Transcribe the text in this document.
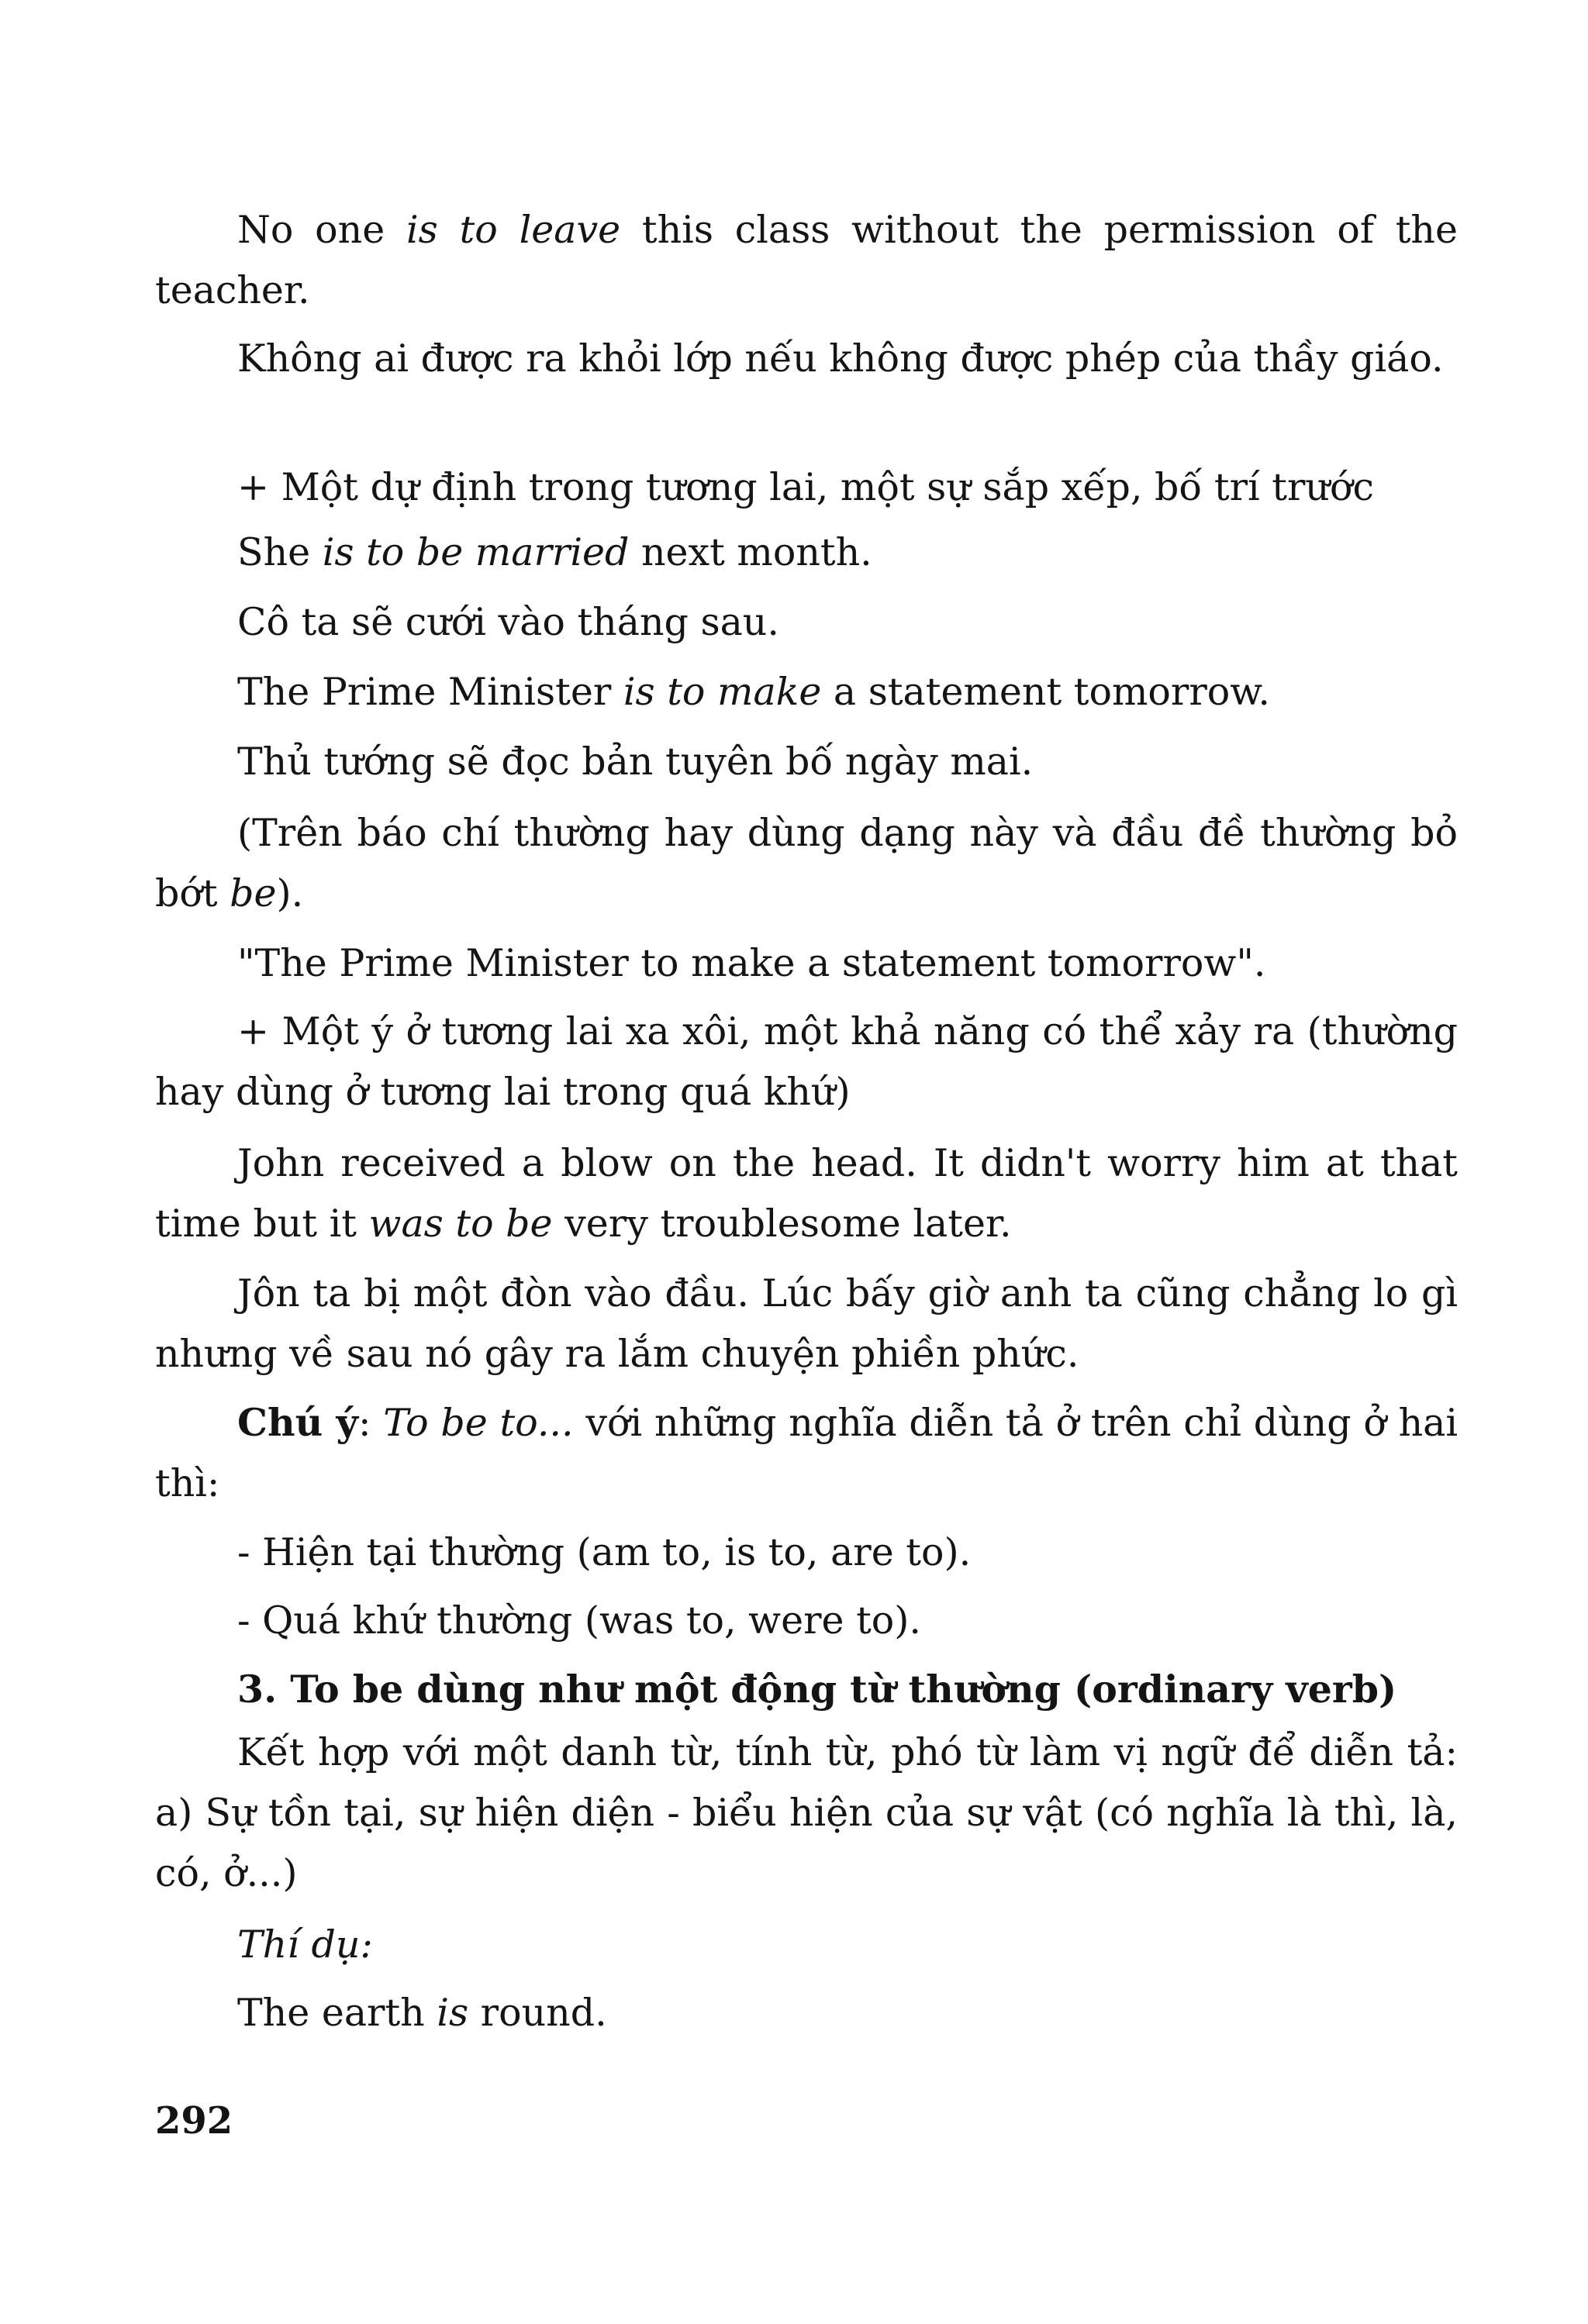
No one is to leave this class without the permission of the teacher.
Không ai được ra khỏi lớp nếu không được phép của thầy giáo.
+ Một dự định trong tương lai, một sự sắp xếp, bố trí trước
She is to be married next month.
Cô ta sẽ cưới vào tháng sau.
The Prime Minister is to make a statement tomorrow.
Thủ tướng sẽ đọc bản tuyên bố ngày mai.
(Trên báo chí thường hay dùng dạng này và đầu đề thường bỏ bớt be).
"The Prime Minister to make a statement tomorrow".
+ Một ý ở tương lai xa xôi, một khả năng có thể xảy ra (thường hay dùng ở tương lai trong quá khứ)
John received a blow on the head. It didn't worry him at that time but it was to be very troublesome later.
Jôn ta bị một đòn vào đầu. Lúc bấy giờ anh ta cũng chẳng lo gì nhưng về sau nó gây ra lắm chuyện phiền phức.
Chú ý: To be to... với những nghĩa diễn tả ở trên chỉ dùng ở hai thì:
- Hiện tại thường (am to, is to, are to).
- Quá khứ thường (was to, were to).
3. To be dùng như một động từ thường (ordinary verb)
Kết hợp với một danh từ, tính từ, phó từ làm vị ngữ để diễn tả: a) Sự tồn tại, sự hiện diện - biểu hiện của sự vật (có nghĩa là thì, là, có, ở...)
Thí dụ:
The earth is round.
292
